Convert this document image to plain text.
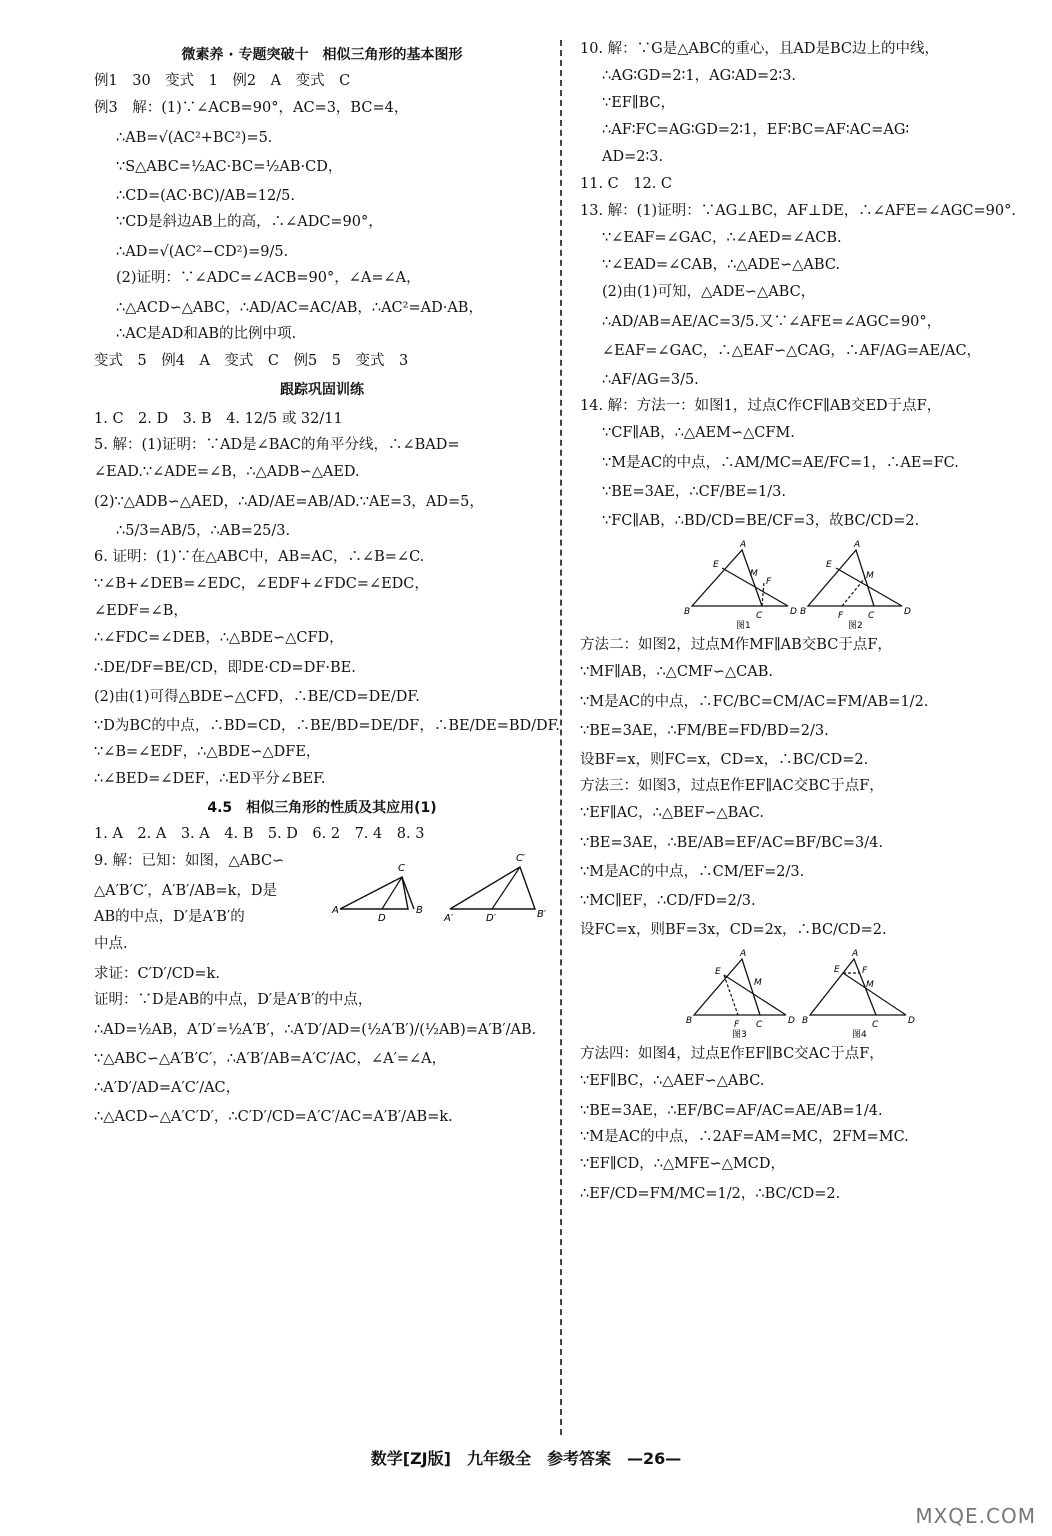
微素养 · 专题突破十　相似三角形的基本图形
例1　30　变式　1　例2　A　变式　C
例3　解：(1)∵∠ACB=90°，AC=3，BC=4，
∴AB=√(AC²+BC²)=5.
∵S△ABC=½AC·BC=½AB·CD，
∴CD=(AC·BC)/AB=12/5.
∵CD是斜边AB上的高，∴∠ADC=90°，
∴AD=√(AC²−CD²)=9/5.
(2)证明：∵∠ADC=∠ACB=90°，∠A=∠A，
∴△ACD∽△ABC，∴AD/AC=AC/AB，∴AC²=AD·AB，
∴AC是AD和AB的比例中项.
变式　5　例4　A　变式　C　例5　5　变式　3
跟踪巩固训练
1. C　2. D　3. B　4. 12/5 或 32/11
5. 解：(1)证明：∵AD是∠BAC的角平分线，∴∠BAD=
∠EAD.∵∠ADE=∠B，∴△ADB∽△AED.
(2)∵△ADB∽△AED，∴AD/AE=AB/AD.∵AE=3，AD=5，
∴5/3=AB/5，∴AB=25/3.
6. 证明：(1)∵在△ABC中，AB=AC，∴∠B=∠C.
∵∠B+∠DEB=∠EDC，∠EDF+∠FDC=∠EDC，
∠EDF=∠B，
∴∠FDC=∠DEB，∴△BDE∽△CFD，
∴DE/DF=BE/CD，即DE·CD=DF·BE.
(2)由(1)可得△BDE∽△CFD，∴BE/CD=DE/DF.
∵D为BC的中点，∴BD=CD，∴BE/BD=DE/DF，∴BE/DE=BD/DF.
∵∠B=∠EDF，∴△BDE∽△DFE，
∴∠BED=∠DEF，∴ED平分∠BEF.
4.5　相似三角形的性质及其应用(1)
1. A　2. A　3. A　4. B　5. D　6. 2　7. 4　8. 3
9. 解：已知：如图，△ABC∽
△A′B′C′，A′B′/AB=k，D是
AB的中点，D′是A′B′的
中点.
求证：C′D′/CD=k.
证明：∵D是AB的中点，D′是A′B′的中点，
∴AD=½AB，A′D′=½A′B′，∴A′D′/AD=(½A′B′)/(½AB)=A′B′/AB.
∵△ABC∽△A′B′C′，∴A′B′/AB=A′C′/AC，∠A′=∠A，
∴A′D′/AD=A′C′/AC，
∴△ACD∽△A′C′D′，∴C′D′/CD=A′C′/AC=A′B′/AB=k.
A
C
D
B
A′
C′
D′	B′
10. 解：∵G是△ABC的重心，且AD是BC边上的中线，
∴AG∶GD=2∶1，AG∶AD=2∶3.
∵EF∥BC，
∴AF∶FC=AG∶GD=2∶1，EF∶BC=AF∶AC=AG∶
AD=2∶3.
11. C　12. C
13. 解：(1)证明：∵AG⊥BC，AF⊥DE，∴∠AFE=∠AGC=90°.
∵∠EAF=∠GAC，∴∠AED=∠ACB.
∵∠EAD=∠CAB，∴△ADE∽△ABC.
(2)由(1)可知，△ADE∽△ABC，
∴AD/AB=AE/AC=3/5.又∵∠AFE=∠AGC=90°，
∠EAF=∠GAC，∴△EAF∽△CAG，∴AF/AG=AE/AC，
∴AF/AG=3/5.
14. 解：方法一：如图1，过点C作CF∥AB交ED于点F，
∵CF∥AB，∴△AEM∽△CFM.
∵M是AC的中点，∴AM/MC=AE/FC=1，∴AE=FC.
∵BE=3AE，∴CF/BE=1/3.
∵FC∥AB，∴BD/CD=BE/CF=3，故BC/CD=2.
B
A
E
M
F
C	D
图1
B
A
E
M
F	C	D
图2
方法二：如图2，过点M作MF∥AB交BC于点F，
∵MF∥AB，∴△CMF∽△CAB.
∵M是AC的中点，∴FC/BC=CM/AC=FM/AB=1/2.
∵BE=3AE，∴FM/BE=FD/BD=2/3.
设BF=x，则FC=x，CD=x，∴BC/CD=2.
方法三：如图3，过点E作EF∥AC交BC于点F，
∵EF∥AC，∴△BEF∽△BAC.
∵BE=3AE，∴BE/AB=EF/AC=BF/BC=3/4.
∵M是AC的中点，∴CM/EF=2/3.
∵MC∥EF，∴CD/FD=2/3.
设FC=x，则BF=3x，CD=2x，∴BC/CD=2.
B
A
E
M
F C	D
图3
B
A
E F
M
C	D
图4
方法四：如图4，过点E作EF∥BC交AC于点F，
∵EF∥BC，∴△AEF∽△ABC.
∵BE=3AE，∴EF/BC=AF/AC=AE/AB=1/4.
∵M是AC的中点，∴2AF=AM=MC，2FM=MC.
∵EF∥CD，∴△MFE∽△MCD，
∴EF/CD=FM/MC=1/2，∴BC/CD=2.
数学[ZJ版]　九年级全　参考答案　—26—
MXQE.COM
